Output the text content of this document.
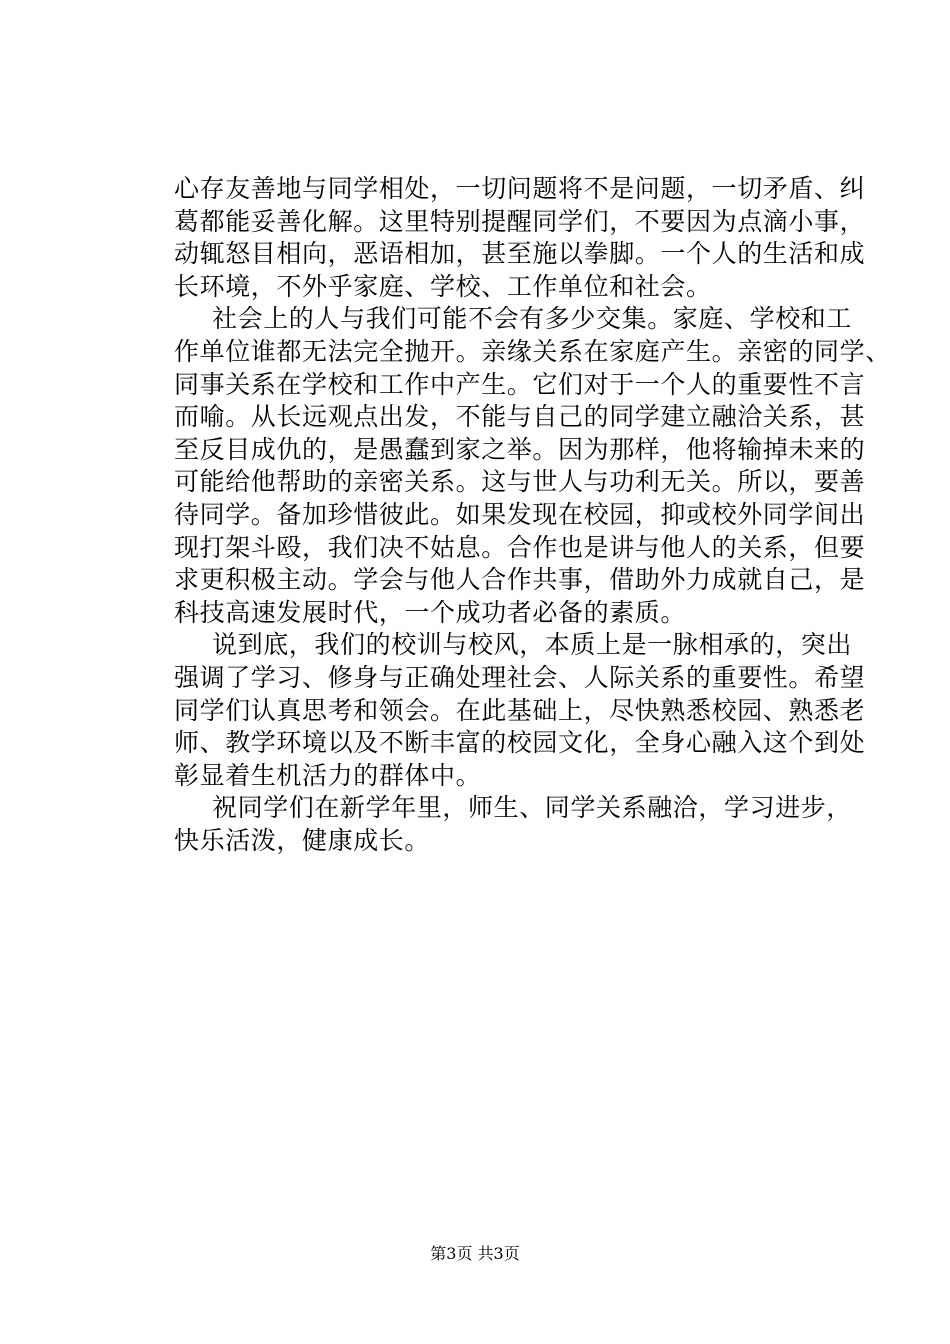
心存友善地与同学相处，一切问题将不是问题，一切矛盾、纠
葛都能妥善化解。这里特别提醒同学们，不要因为点滴小事，
动辄怒目相向，恶语相加，甚至施以拳脚。一个人的生活和成
长环境，不外乎家庭、学校、工作单位和社会。
社会上的人与我们可能不会有多少交集。家庭、学校和工
作单位谁都无法完全抛开。亲缘关系在家庭产生。亲密的同学、
同事关系在学校和工作中产生。它们对于一个人的重要性不言
而喻。从长远观点出发，不能与自己的同学建立融洽关系，甚
至反目成仇的，是愚蠢到家之举。因为那样，他将输掉未来的
可能给他帮助的亲密关系。这与世人与功利无关。所以，要善
待同学。备加珍惜彼此。如果发现在校园，抑或校外同学间出
现打架斗殴，我们决不姑息。合作也是讲与他人的关系，但要
求更积极主动。学会与他人合作共事，借助外力成就自己，是
科技高速发展时代，一个成功者必备的素质。
说到底，我们的校训与校风，本质上是一脉相承的，突出
强调了学习、修身与正确处理社会、人际关系的重要性。希望
同学们认真思考和领会。在此基础上，尽快熟悉校园、熟悉老
师、教学环境以及不断丰富的校园文化，全身心融入这个到处
彰显着生机活力的群体中。
祝同学们在新学年里，师生、同学关系融洽，学习进步，
快乐活泼，健康成长。
第3页 共3页
